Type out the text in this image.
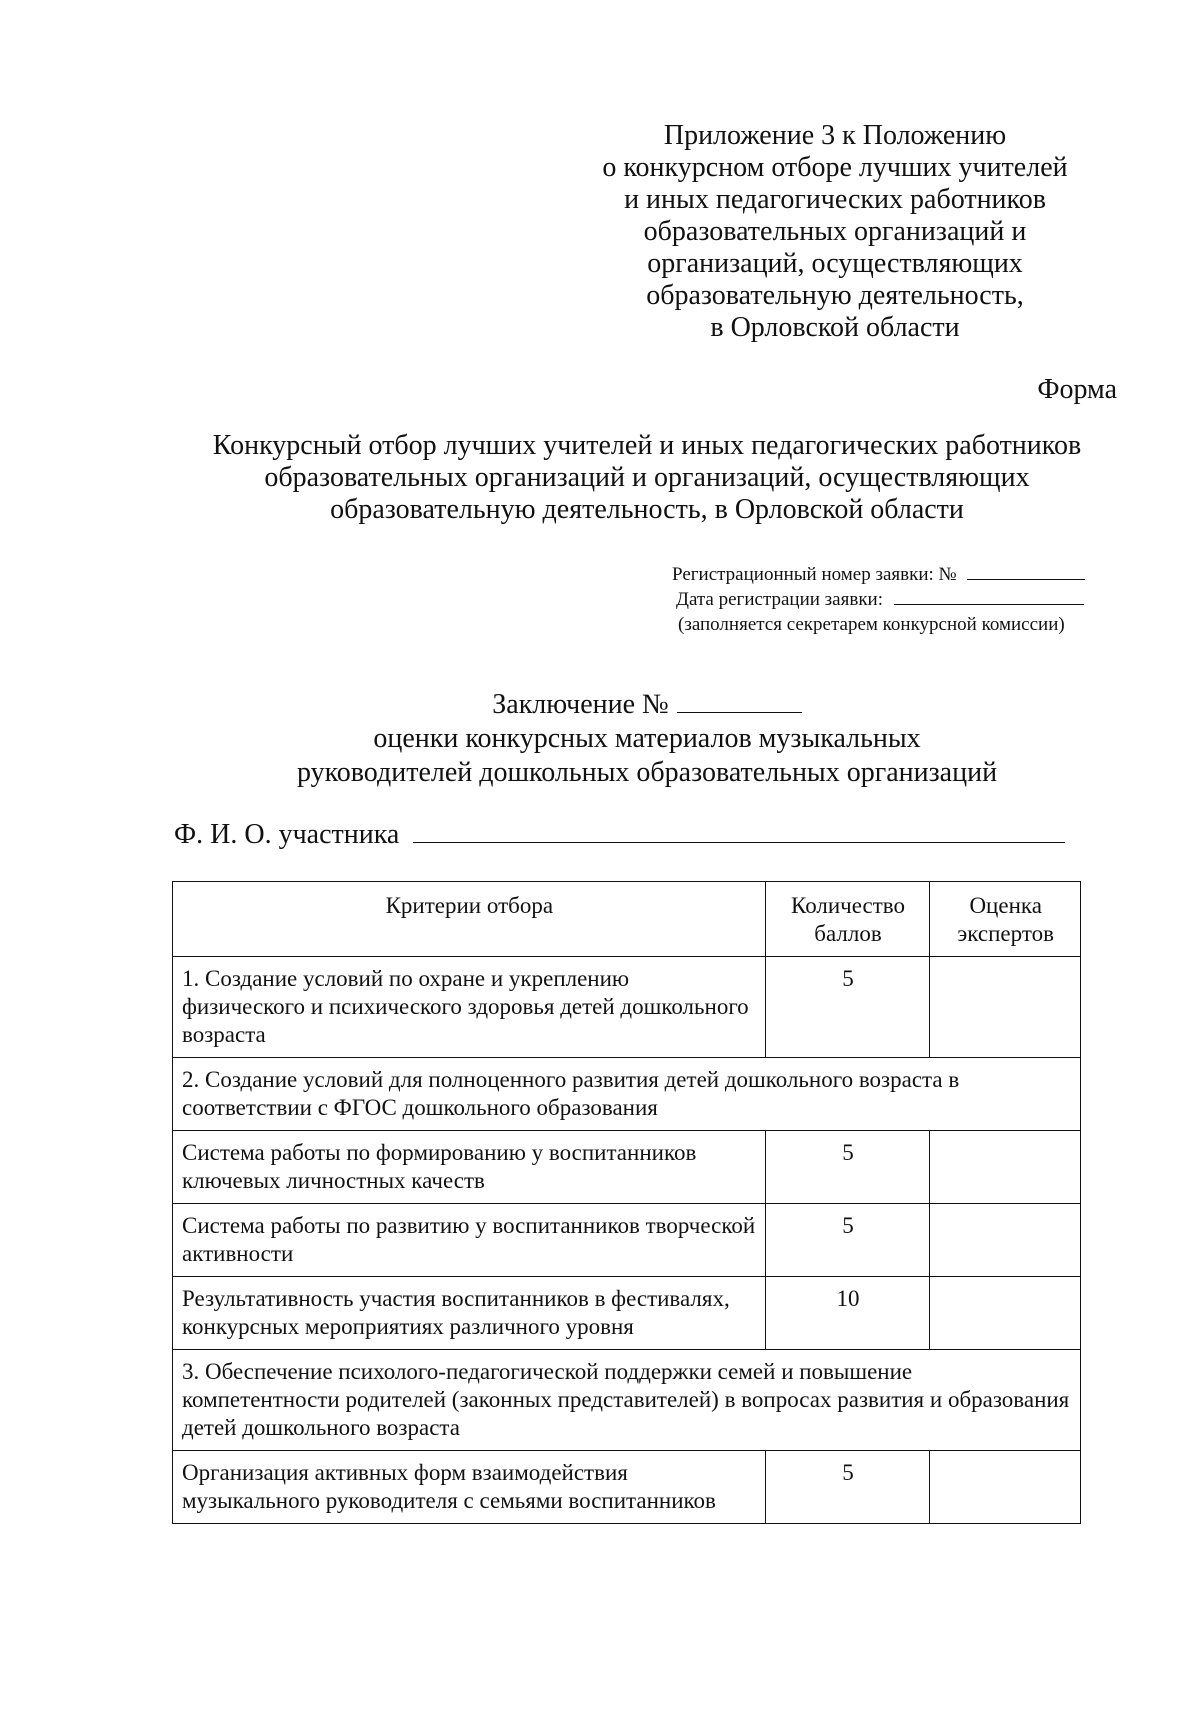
Приложение 3 к Положению
о конкурсном отборе лучших учителей
и иных педагогических работников
образовательных организаций и
организаций, осуществляющих
образовательную деятельность,
в Орловской области
Форма
Конкурсный отбор лучших учителей и иных педагогических работников
образовательных организаций и организаций, осуществляющих
образовательную деятельность, в Орловской области
Регистрационный номер заявки: №
Дата регистрации заявки:
(заполняется секретарем конкурсной комиссии)
Заключение №
оценки конкурсных материалов музыкальных
руководителей дошкольных образовательных организаций
Ф. И. О. участника
Критерии отбора	Количество баллов	Оценка экспертов
1. Создание условий по охране и укреплению физического и психического здоровья детей дошкольного возраста	5	
2. Создание условий для полноценного развития детей дошкольного возраста в соответствии с ФГОС дошкольного образования		
Система работы по формированию у воспитанников ключевых личностных качеств	5	
Система работы по развитию у воспитанников творческой активности	5	
Результативность участия воспитанников в фестивалях, конкурсных мероприятиях различного уровня	10	
3. Обеспечение психолого-педагогической поддержки семей и повышение компетентности родителей (законных представителей) в вопросах развития и образования детей дошкольного возраста		
Организация активных форм взаимодействия музыкального руководителя с семьями воспитанников	5	
